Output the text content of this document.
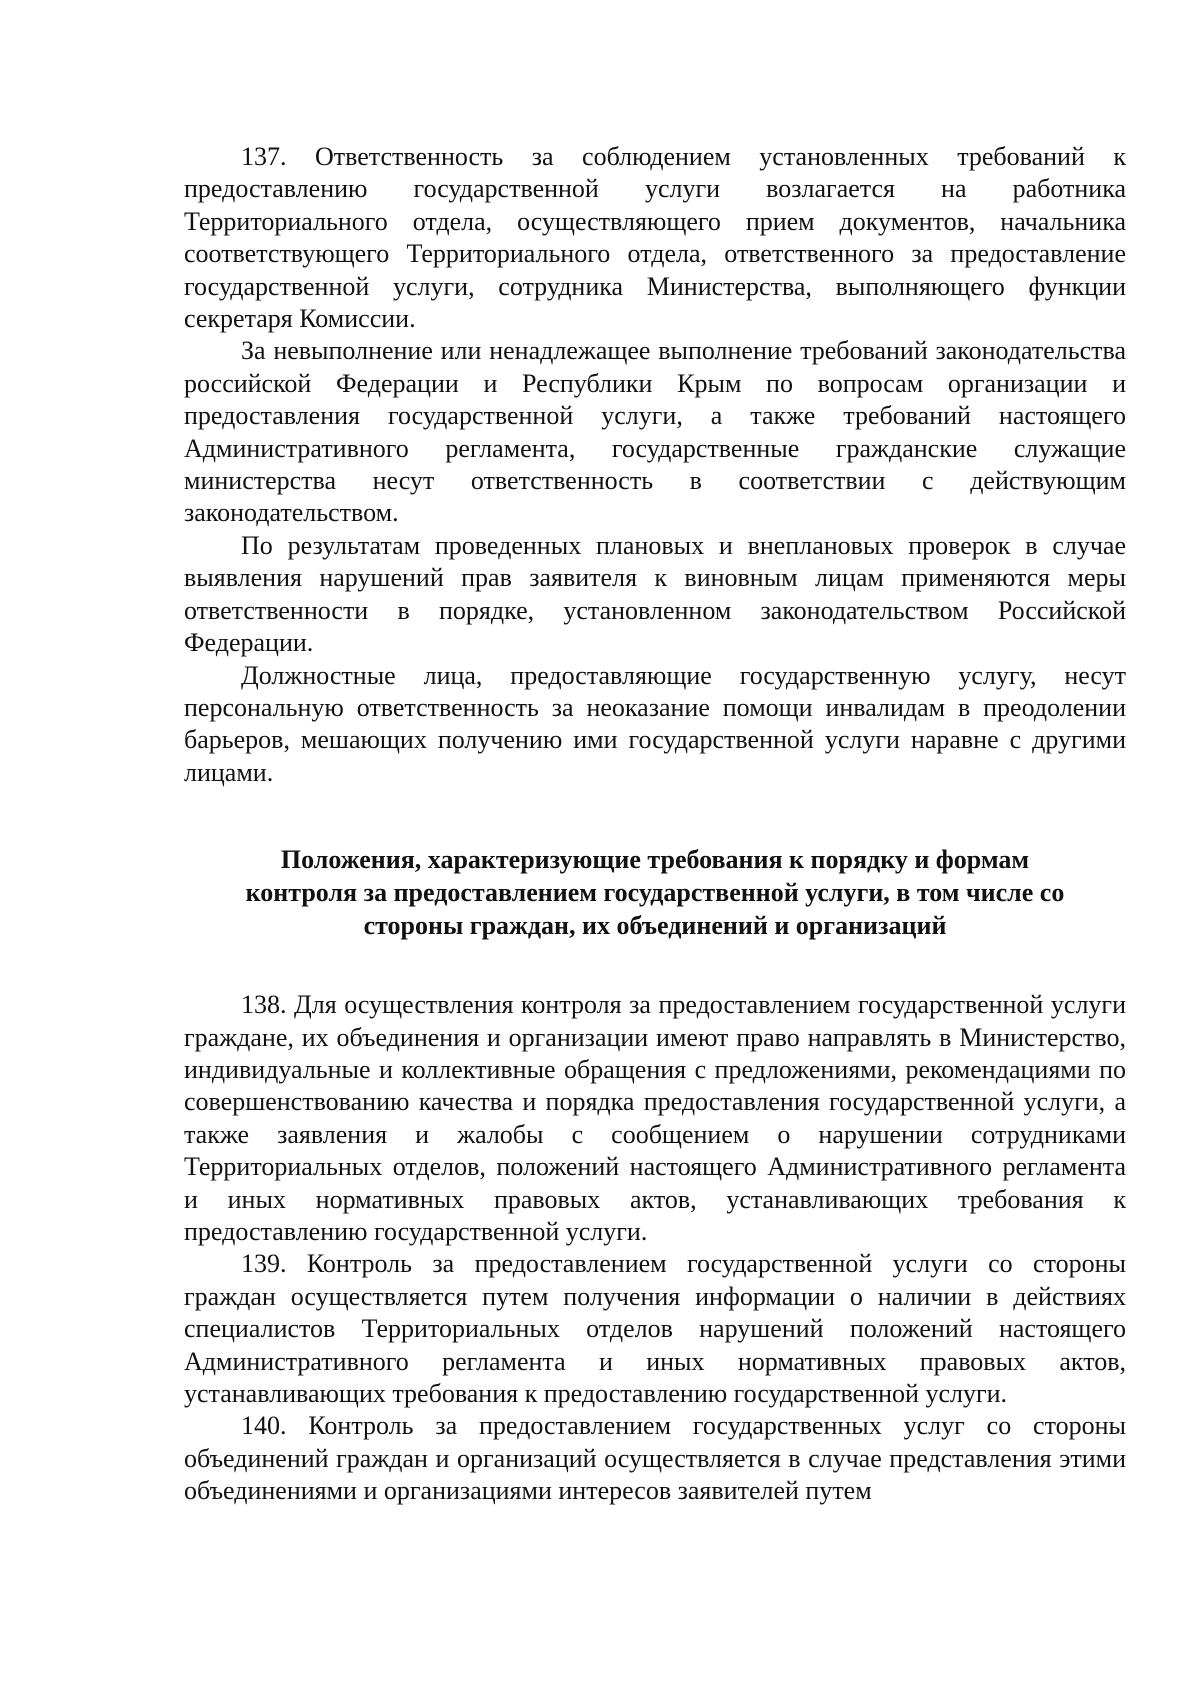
137. Ответственность за соблюдением установленных требований к предоставлению государственной услуги возлагается на работника Территориального отдела, осуществляющего прием документов, начальника соответствующего Территориального отдела, ответственного за предоставление государственной услуги, сотрудника Министерства, выполняющего функции секретаря Комиссии.

За невыполнение или ненадлежащее выполнение требований законодательства российской Федерации и Республики Крым по вопросам организации и предоставления государственной услуги, а также требований настоящего Административного регламента, государственные гражданские служащие министерства несут ответственность в соответствии с действующим законодательством.

По результатам проведенных плановых и внеплановых проверок в случае выявления нарушений прав заявителя к виновным лицам применяются меры ответственности в порядке, установленном законодательством Российской Федерации.

Должностные лица, предоставляющие государственную услугу, несут персональную ответственность за неоказание помощи инвалидам в преодолении барьеров, мешающих получению ими государственной услуги наравне с другими лицами.

Положения, характеризующие требования к порядку и формам
контроля за предоставлением государственной услуги, в том числе со
стороны граждан, их объединений и организаций

138. Для осуществления контроля за предоставлением государственной услуги граждане, их объединения и организации имеют право направлять в Министерство, индивидуальные и коллективные обращения с предложениями, рекомендациями по совершенствованию качества и порядка предоставления государственной услуги, а также заявления и жалобы с сообщением о нарушении сотрудниками Территориальных отделов, положений настоящего Административного регламента и иных нормативных правовых актов, устанавливающих требования к предоставлению государственной услуги.

139. Контроль за предоставлением государственной услуги со стороны граждан осуществляется путем получения информации о наличии в действиях специалистов Территориальных отделов нарушений положений настоящего Административного регламента и иных нормативных правовых актов, устанавливающих требования к предоставлению государственной услуги.

140. Контроль за предоставлением государственных услуг со стороны объединений граждан и организаций осуществляется в случае представления этими объединениями и организациями интересов заявителей путем
